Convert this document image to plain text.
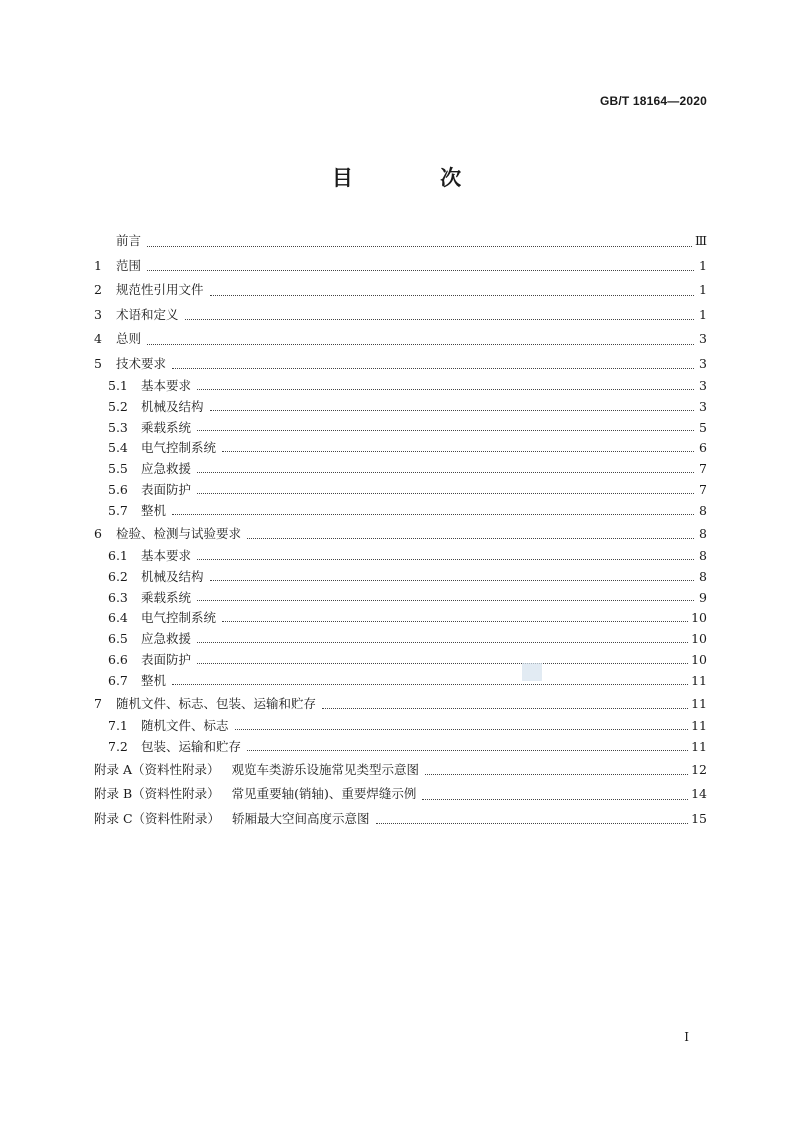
GB/T 18164—2020
目 次
前言	Ⅲ
1	范围	1
2	规范性引用文件	1
3	术语和定义	1
4	总则	3
5	技术要求	3
5.1	基本要求	3
5.2	机械及结构	3
5.3	乘载系统	5
5.4	电气控制系统	6
5.5	应急救援	7
5.6	表面防护	7
5.7	整机	8
6	检验、检测与试验要求	8
6.1	基本要求	8
6.2	机械及结构	8
6.3	乘载系统	9
6.4	电气控制系统	10
6.5	应急救援	10
6.6	表面防护	10
6.7	整机	11
7	随机文件、标志、包装、运输和贮存	11
7.1	随机文件、标志	11
7.2	包装、运输和贮存	11
附录 A（资料性附录） 观览车类游乐设施常见类型示意图	12
附录 B（资料性附录） 常见重要轴(销轴)、重要焊缝示例	14
附录 C（资料性附录） 轿厢最大空间高度示意图	15
I
